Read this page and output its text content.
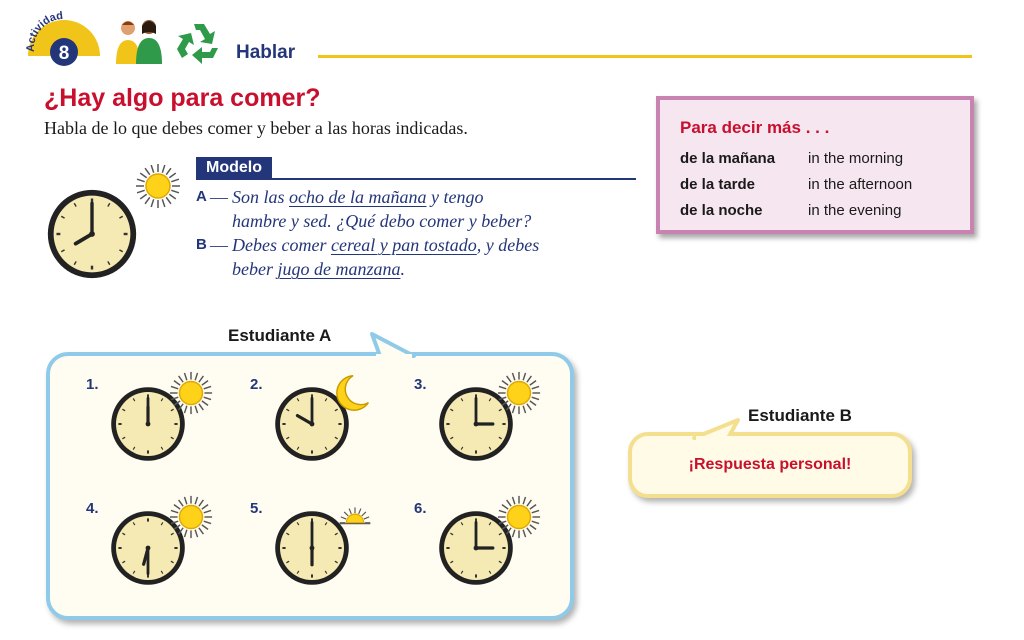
Actividad
8	Hablar
¿Hay algo para comer?
Habla de lo que debes comer y beber a las horas indicadas.
Modelo
A — Son las ocho de la mañana y tengo
hambre y sed. ¿Qué debo comer y beber?
B — Debes comer cereal y pan tostado, y debes
beber jugo de manzana.
Para decir más . . .
de la mañana in the morning
de la tarde	in the afternoon
de la noche	in the evening
Estudiante A
1.	2.	3.
4.	5.	6.
Estudiante B
¡Respuesta personal!
